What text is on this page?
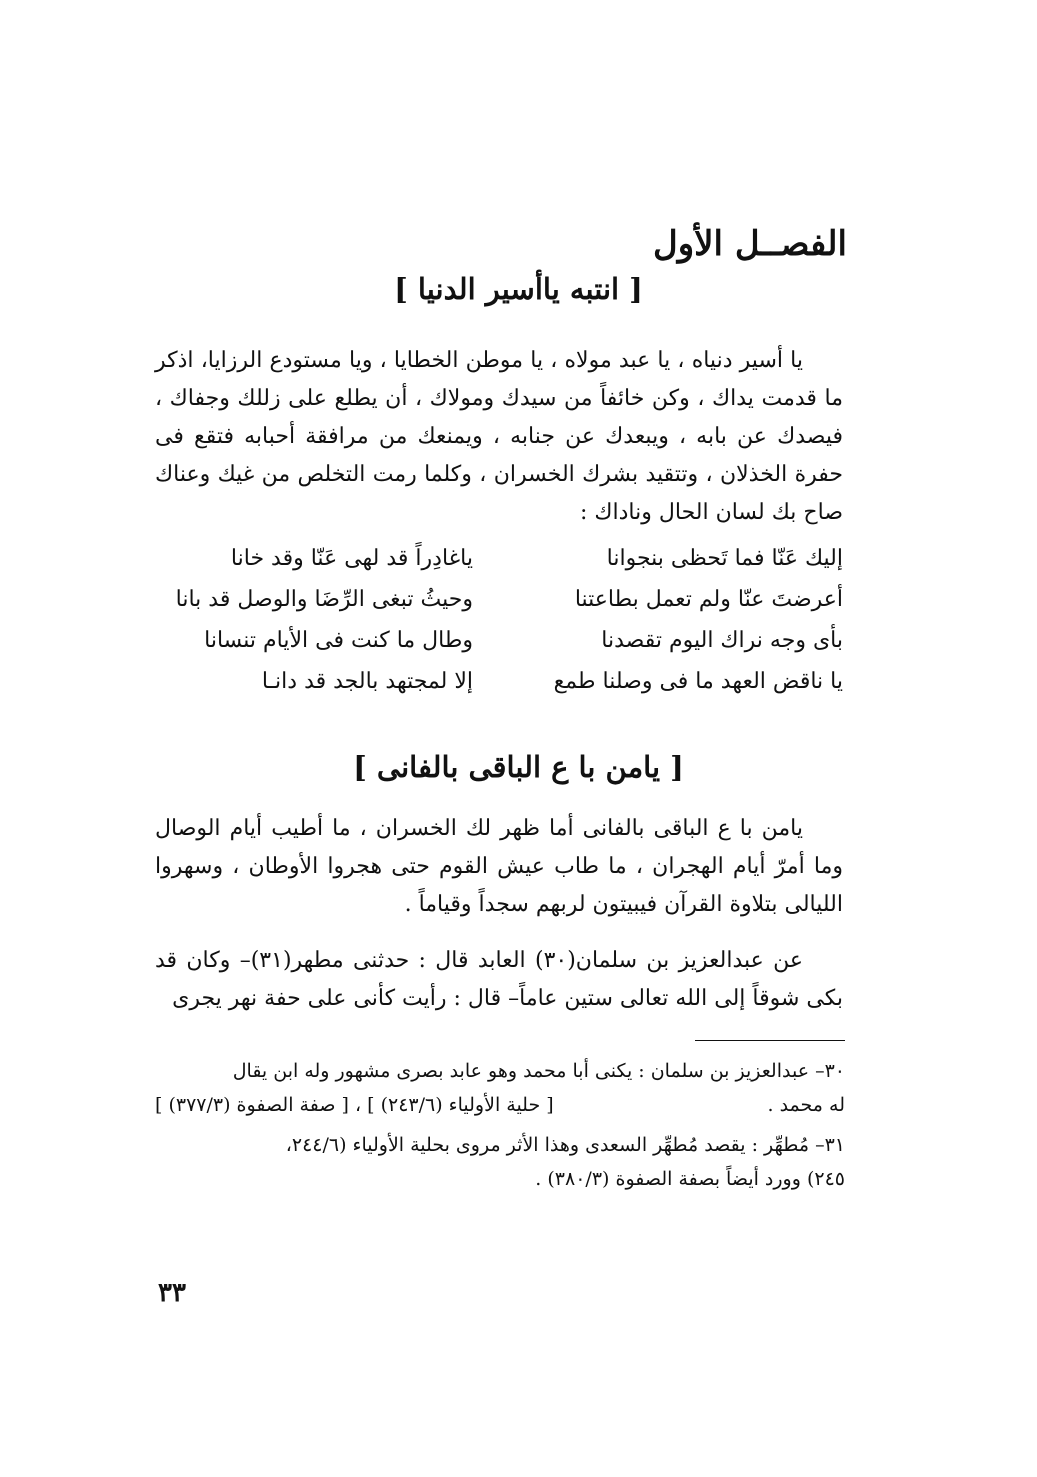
الفصــل الأول
[ انتبه ياأسير الدنيا ]
يا أسير دنياه ، يا عبد مولاه ، يا موطن الخطايا ، ويا مستودع الرزايا، اذكر ما قدمت يداك ، وكن خائفاً من سيدك ومولاك ، أن يطلع على زللك وجفاك ، فيصدك عن بابه ، ويبعدك عن جنابه ، ويمنعك من مرافقة أحبابه فتقع فى حفرة الخذلان ، وتتقيد بشرك الخسران ، وكلما رمت التخلص من غيك وعناك صاح بك لسان الحال وناداك :
إليك عَنّا فما تَحظى بنجوانا
ياغادِراً قد لهى عَنّا وقد خانا
أعرضتَ عنّا ولم تعمل بطاعتنا
وحيثُ تبغى الرِّضَا والوصل قد بانا
بأى وجه نراك اليوم تقصدنا
وطال ما كنت فى الأيام تنسانا
يا ناقض العهد ما فى وصلنا طمع
إلا لمجتهد بالجد قد دانـا
[ يامن با ع الباقى بالفانى ]
يامن با ع الباقى بالفانى أما ظهر لك الخسران ، ما أطيب أيام الوصال وما أمرّ أيام الهجران ، ما طاب عيش القوم حتى هجروا الأوطان ، وسهروا الليالى بتلاوة القرآن فيبيتون لربهم سجداً وقياماً .
عن عبدالعزيز بن سلمان(٣٠) العابد قال : حدثنى مطهر(٣١)– وكان قد بكى شوقاً إلى الله تعالى ستين عاماً– قال : رأيت كأنى على حفة نهر يجرى
٣٠– عبدالعزيز بن سلمان : يكنى أبا محمد وهو عابد بصرى مشهور وله ابن يقال
له محمد .
[ حلية الأولياء (٢٤٣/٦) ] ، [ صفة الصفوة (٣٧٧/٣) ]
٣١– مُطهِّر : يقصد مُطهِّر السعدى وهذا الأثر مروى بحلية الأولياء (٢٤٤/٦،
٢٤٥) وورد أيضاً بصفة الصفوة (٣٨٠/٣) .
٣٣
